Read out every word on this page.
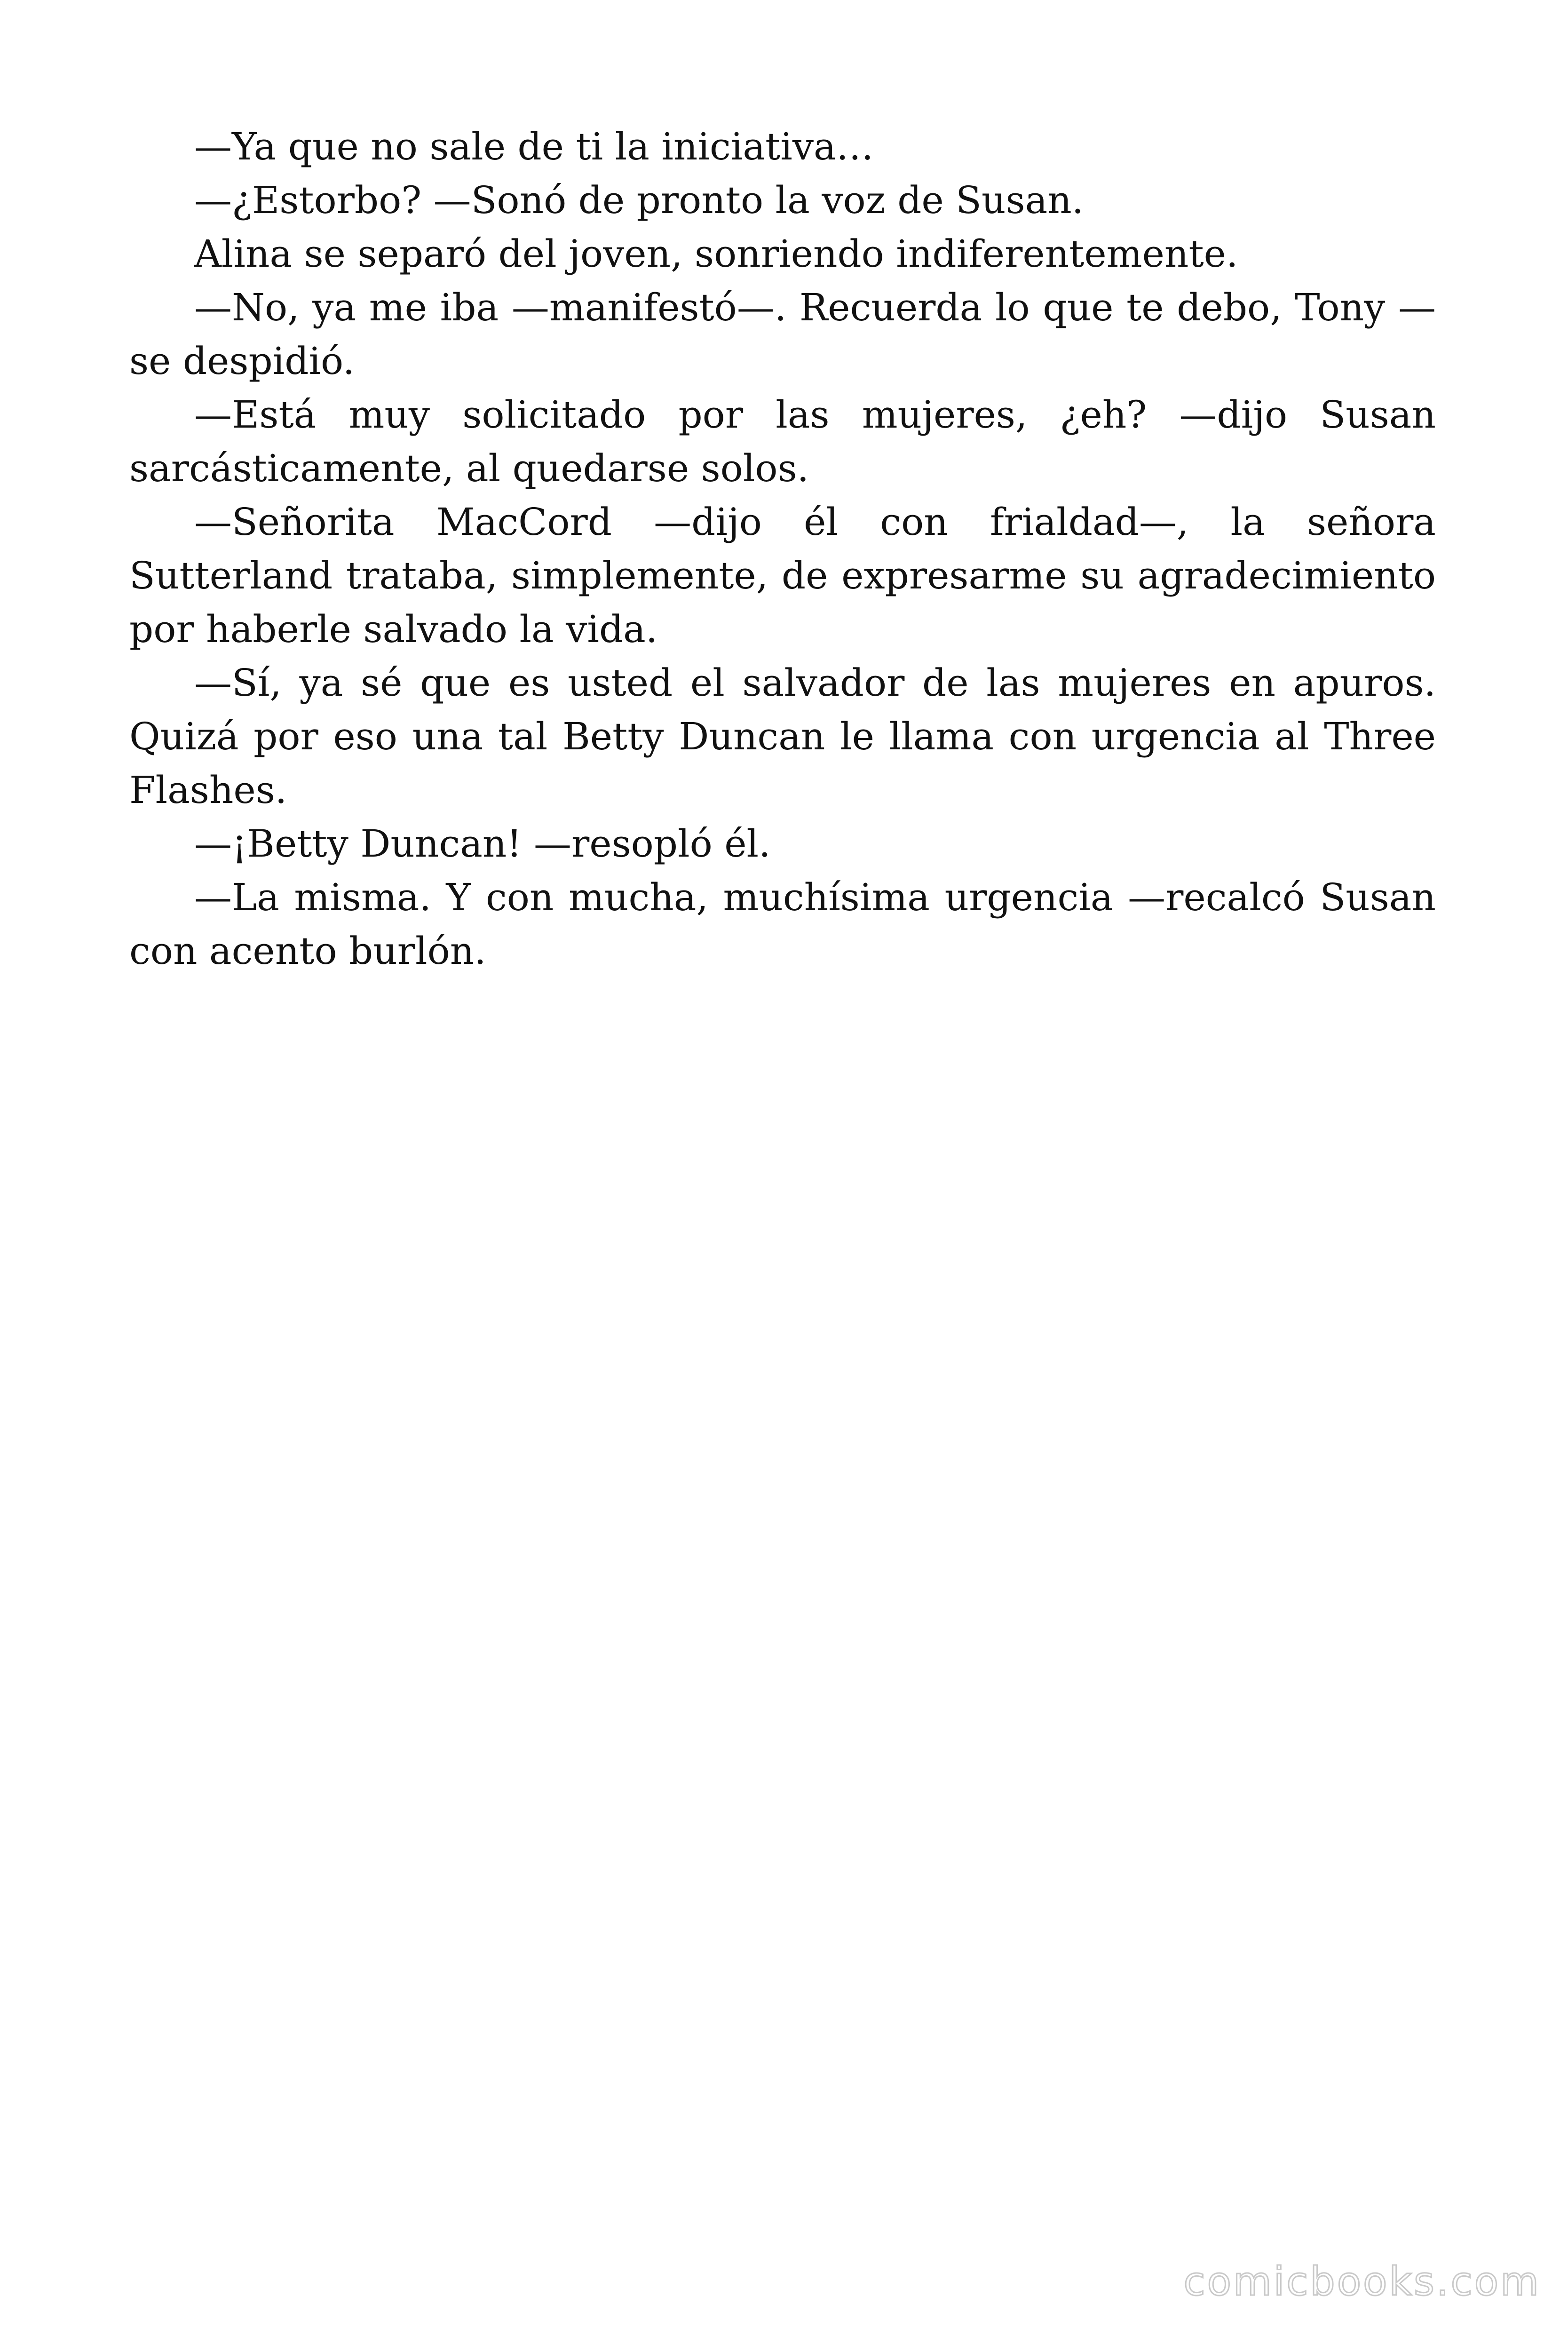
—Ya que no sale de ti la iniciativa…

—¿Estorbo? —Sonó de pronto la voz de Susan.

Alina se separó del joven, sonriendo indiferentemente.

—No, ya me iba —manifestó—. Recuerda lo que te debo, Tony —se despidió.

—Está muy solicitado por las mujeres, ¿eh? —dijo Susan sarcásticamente, al quedarse solos.

—Señorita MacCord —dijo él con frialdad—, la señora Sutterland trataba, simplemente, de expresarme su agradecimiento por haberle salvado la vida.

—Sí, ya sé que es usted el salvador de las mujeres en apuros. Quizá por eso una tal Betty Duncan le llama con urgencia al Three Flashes.

—¡Betty Duncan! —resopló él.

—La misma. Y con mucha, muchísima urgencia —recalcó Susan con acento burlón.

comicbooks.com
